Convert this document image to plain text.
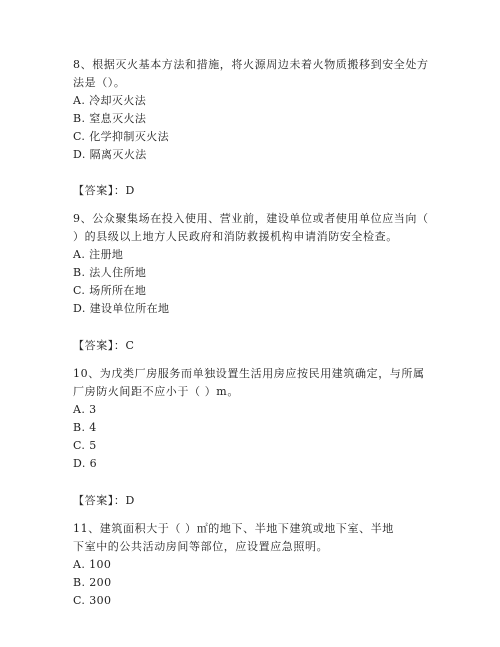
8、根据灭火基本方法和措施，将火源周边未着火物质搬移到安全处方
法是（）。
A. 冷却灭火法
B. 窒息灭火法
C. 化学抑制灭火法
D. 隔离灭火法
【答案】：D
9、公众聚集场在投入使用、营业前，建设单位或者使用单位应当向（
）的县级以上地方人民政府和消防救援机构申请消防安全检查。
A. 注册地
B. 法人住所地
C. 场所所在地
D. 建设单位所在地
【答案】：C
10、为戊类厂房服务而单独设置生活用房应按民用建筑确定，与所属
厂房防火间距不应小于（ ）m。
A. 3
B. 4
C. 5
D. 6
【答案】：D
11、建筑面积大于（ ）㎡的地下、半地下建筑或地下室、半地
下室中的公共活动房间等部位，应设置应急照明。
A. 100
B. 200
C. 300
